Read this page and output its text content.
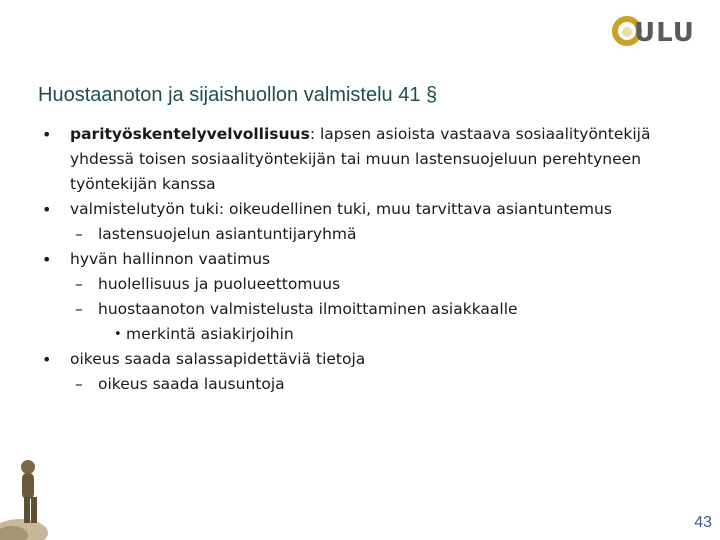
ULU
Huostaanoton ja sijaishuollon valmistelu 41 §
• parityöskentelyvelvollisuus: lapsen asioista vastaava sosiaalityöntekijä yhdessä toisen sosiaalityöntekijän tai muun lastensuojeluun perehtyneen työntekijän kanssa
• valmistelutyön tuki: oikeudellinen tuki, muu tarvittava asiantuntemus
– lastensuojelun asiantuntijaryhmä
• hyvän hallinnon vaatimus
– huolellisuus ja puolueettomuus
– huostaanoton valmistelusta ilmoittaminen asiakkaalle
• merkintä asiakirjoihin
• oikeus saada salassapidettäviä tietoja
– oikeus saada lausuntoja
43
